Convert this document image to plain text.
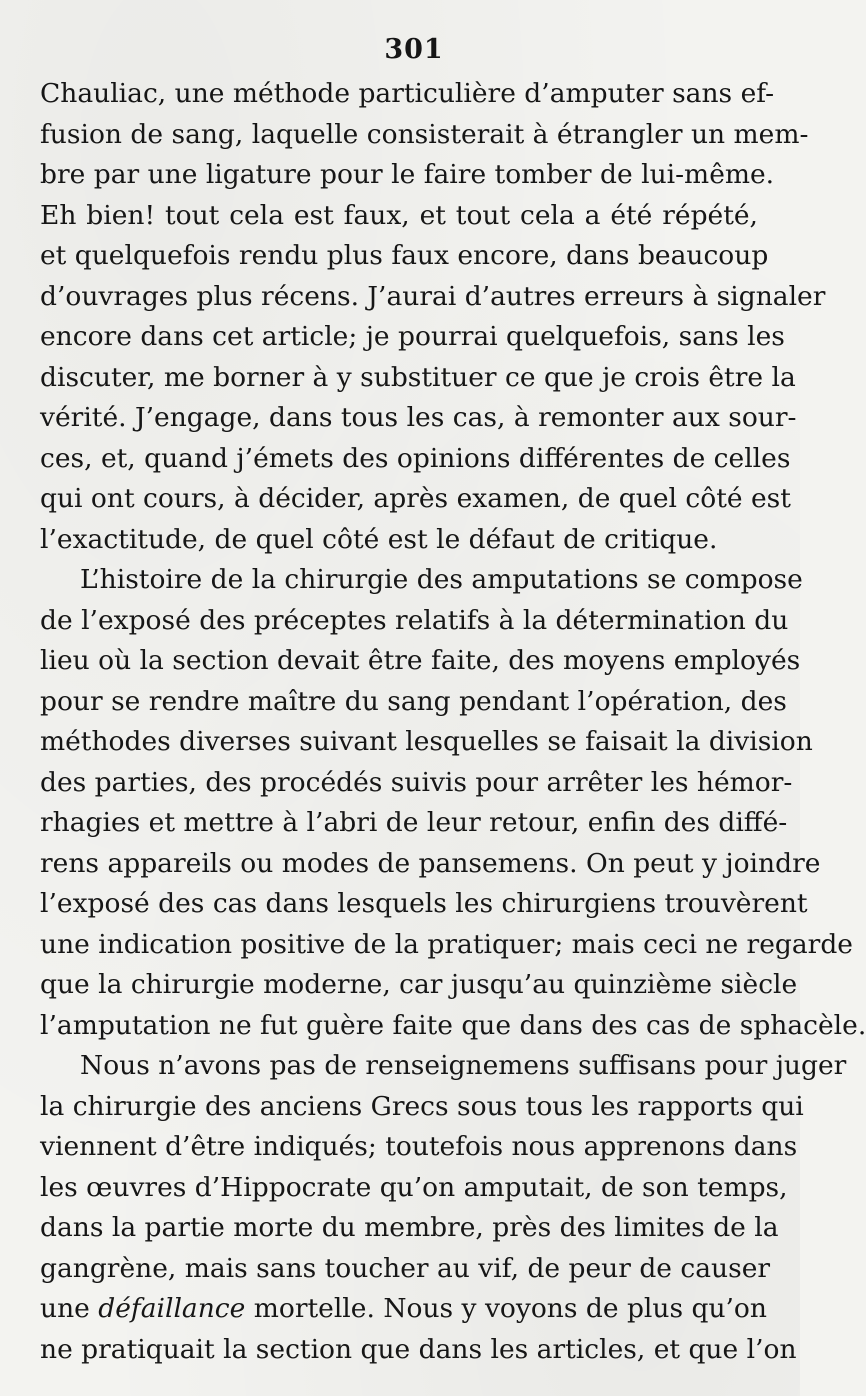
301
Chauliac, une méthode particulière d’amputer sans ef-
fusion de sang, laquelle consisterait à étrangler un mem-
bre par une ligature pour le faire tomber de lui-même.
Eh bien! tout cela est faux, et tout cela a été répété,
et quelquefois rendu plus faux encore, dans beaucoup
d’ouvrages plus récens. J’aurai d’autres erreurs à signaler
encore dans cet article; je pourrai quelquefois, sans les
discuter, me borner à y substituer ce que je crois être la
vérité. J’engage, dans tous les cas, à remonter aux sour-
ces, et, quand j’émets des opinions différentes de celles
qui ont cours, à décider, après examen, de quel côté est
l’exactitude, de quel côté est le défaut de critique.
L’histoire de la chirurgie des amputations se compose
de l’exposé des préceptes relatifs à la détermination du
lieu où la section devait être faite, des moyens employés
pour se rendre maître du sang pendant l’opération, des
méthodes diverses suivant lesquelles se faisait la division
des parties, des procédés suivis pour arrêter les hémor-
rhagies et mettre à l’abri de leur retour, enfin des diffé-
rens appareils ou modes de pansemens. On peut y joindre
l’exposé des cas dans lesquels les chirurgiens trouvèrent
une indication positive de la pratiquer; mais ceci ne regarde
que la chirurgie moderne, car jusqu’au quinzième siècle
l’amputation ne fut guère faite que dans des cas de sphacèle.
Nous n’avons pas de renseignemens suffisans pour juger
la chirurgie des anciens Grecs sous tous les rapports qui
viennent d’être indiqués; toutefois nous apprenons dans
les œuvres d’Hippocrate qu’on amputait, de son temps,
dans la partie morte du membre, près des limites de la
gangrène, mais sans toucher au vif, de peur de causer
une défaillance mortelle. Nous y voyons de plus qu’on
ne pratiquait la section que dans les articles, et que l’on
